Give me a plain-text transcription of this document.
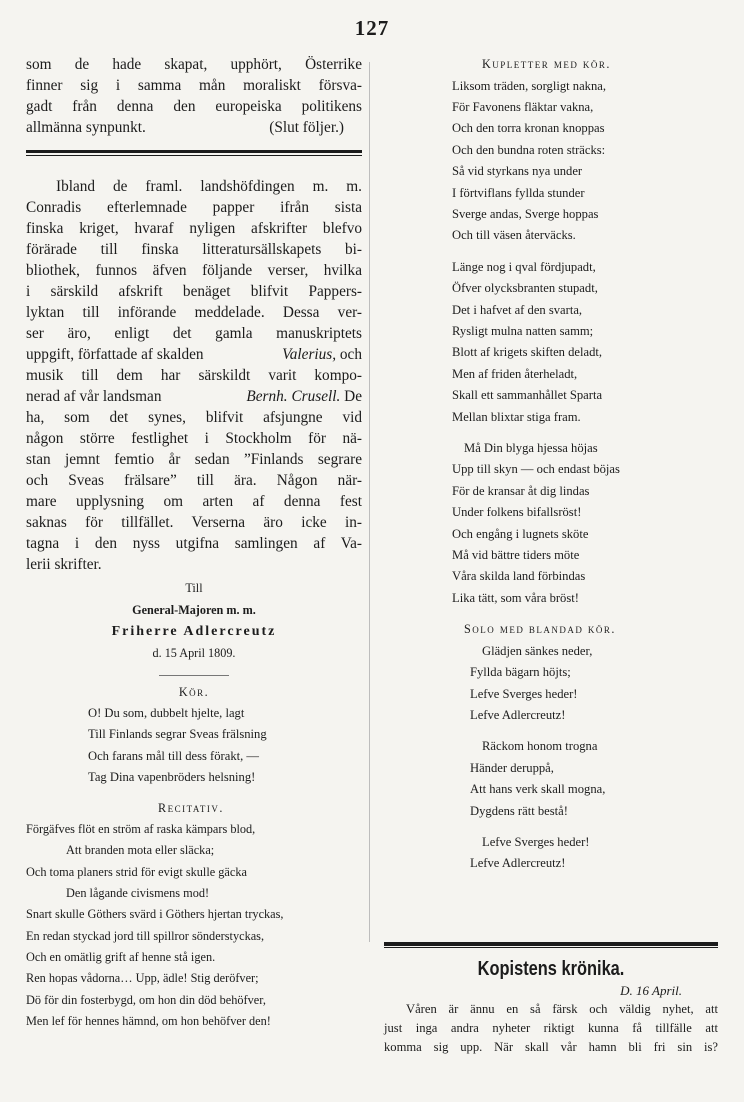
127
som de hade skapat, upphört, Österrike
finner sig i samma mån moraliskt försva-
gadt från denna den europeiska politikens
allmänna synpunkt.	(Slut följer.)
Ibland de framl. landshöfdingen m. m.
Conradis efterlemnade papper ifrån sista
finska kriget, hvaraf nyligen afskrifter blefvo
förärade till finska litteratursällskapets bi-
bliothek, funnos äfven följande verser, hvilka
i särskild afskrift benäget blifvit Pappers-
lyktan till införande meddelade. Dessa ver-
ser äro, enligt det gamla manuskriptets
uppgift, författade af skalden	Valerius, och
musik till dem har särskildt varit kompo-
nerad af vår landsman	Bernh. Crusell. De
ha, som det synes, blifvit afsjungne vid
någon större festlighet i Stockholm för nä-
stan jemnt femtio år sedan ”Finlands segrare
och Sveas frälsare” till ära. Någon när-
mare upplysning om arten af denna fest
saknas för tillfället. Verserna äro icke in-
tagna i den nyss utgifna samlingen af Va-
lerii skrifter.
Till
General-Majoren m. m.
Friherre Adlercreutz
d. 15 April 1809.
Kör.
O! Du som, dubbelt hjelte, lagt
Till Finlands segrar Sveas frälsning
Och farans mål till dess förakt, —
Tag Dina vapenbröders helsning!
Recitativ.
Förgäfves flöt en ström af raska kämpars blod,
Att branden mota eller släcka;
Och toma planers strid för evigt skulle gäcka
Den lågande civismens mod!
Snart skulle Göthers svärd i Göthers hjertan tryckas,
En redan styckad jord till spillror sönderstyckas,
Och en omätlig grift af henne stå igen.
Ren hopas vådorna… Upp, ädle! Stig deröfver;
Dö för din fosterbygd, om hon din död behöfver,
Men lef för hennes hämnd, om hon behöfver den!
Kupletter med kör.
Liksom träden, sorgligt nakna,
För Favonens fläktar vakna,
Och den torra kronan knoppas
Och den bundna roten sträcks:
Så vid styrkans nya under
I förtviflans fyllda stunder
Sverge andas, Sverge hoppas
Och till väsen återväcks.
Länge nog i qval fördjupadt,
Öfver olycksbranten stupadt,
Det i hafvet af den svarta,
Rysligt mulna natten samm;
Blott af krigets skiften deladt,
Men af friden återheladt,
Skall ett sammanhållet Sparta
Mellan blixtar stiga fram.
Må Din blyga hjessa höjas
Upp till skyn — och endast böjas
För de kransar åt dig lindas
Under folkens bifallsröst!
Och engång i lugnets sköte
Må vid bättre tiders möte
Våra skilda land förbindas
Lika tätt, som våra bröst!
Solo med blandad kör.
Glädjen sänkes neder,
Fyllda bägarn höjts;
Lefve Sverges heder!
Lefve Adlercreutz!
Räckom honom trogna
Händer deruppå,
Att hans verk skall mogna,
Dygdens rätt bestå!
Lefve Sverges heder!
Lefve Adlercreutz!
Kopistens krönika.
D. 16 April.
Våren är ännu en så färsk och väldig nyhet, att
just inga andra nyheter riktigt kunna få tillfälle att
komma sig upp. När skall vår hamn bli fri sin is?
